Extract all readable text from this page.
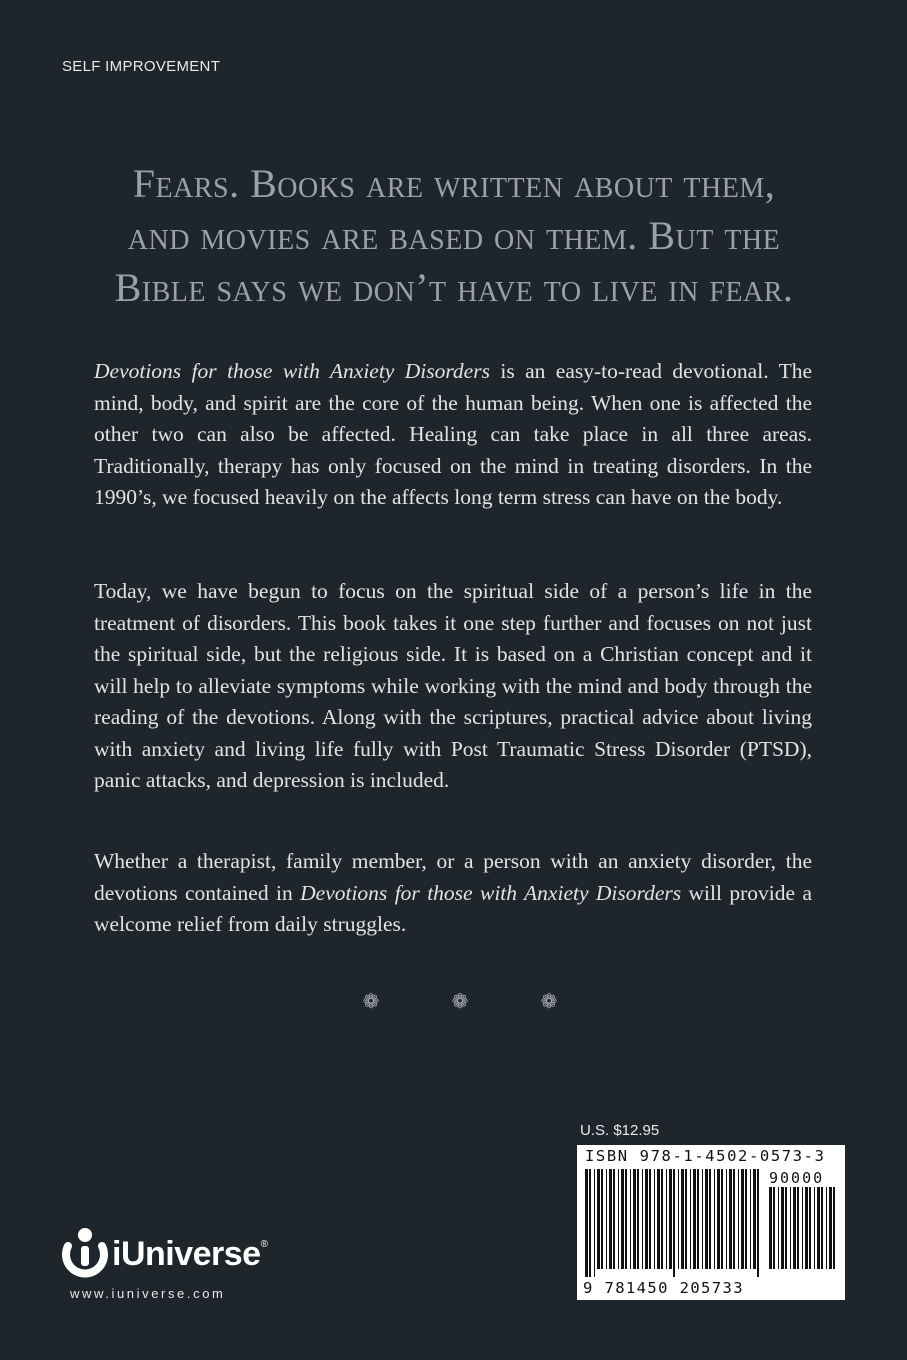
SELF IMPROVEMENT
Fears. Books are written about them,
and movies are based on them. But the
Bible says we don’t have to live in fear.
Devotions for those with Anxiety Disorders is an easy-to-read devotional. The mind, body, and spirit are the core of the human being. When one is affected the other two can also be affected. Healing can take place in all three areas. Traditionally, therapy has only focused on the mind in treating disorders. In the 1990’s, we focused heavily on the affects long term stress can have on the body.
Today, we have begun to focus on the spiritual side of a person’s life in the treatment of disorders. This book takes it one step further and focuses on not just the spiritual side, but the religious side. It is based on a Christian concept and it will help to alleviate symptoms while working with the mind and body through the reading of the devotions. Along with the scriptures, practical advice about living with anxiety and living life fully with Post Traumatic Stress Disorder (PTSD), panic attacks, and depression is included.
Whether a therapist, family member, or a person with an anxiety disorder, the devotions contained in Devotions for those with Anxiety Disorders will provide a welcome relief from daily struggles.
❁	❁	❁
U.S. $12.95
ISBN 978-1-4502-0573-3
90000
9 781450 205733
iUniverse®
www.iuniverse.com
